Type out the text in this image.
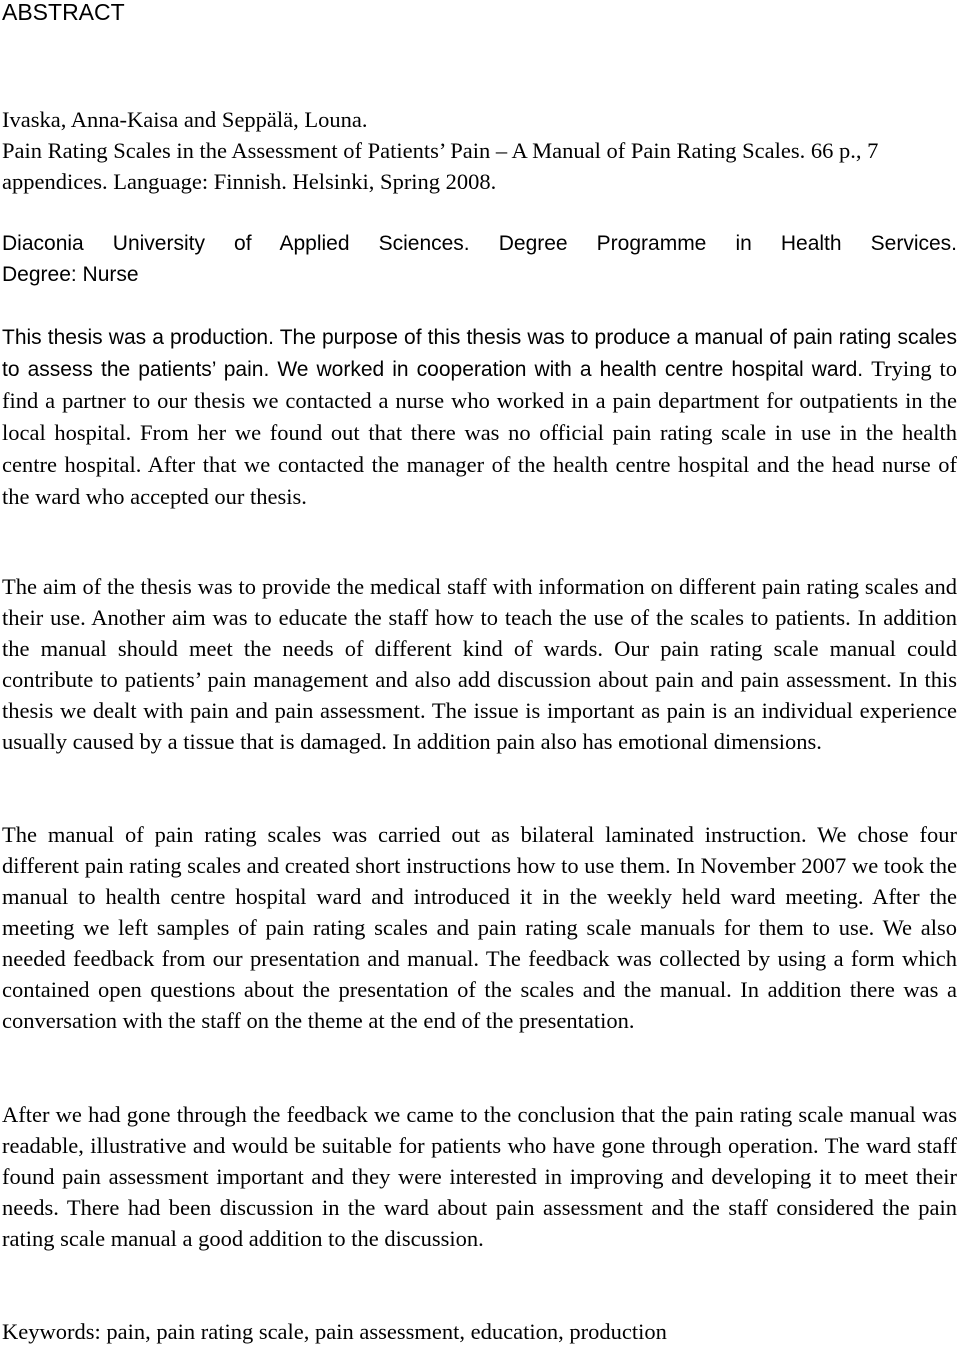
ABSTRACT

Ivaska, Anna-Kaisa and Seppälä, Louna.

Pain Rating Scales in the Assessment of Patients’ Pain – A Manual of Pain Rating Scales. 66 p., 7 appendices. Language: Finnish. Helsinki, Spring 2008.

Diaconia University of Applied Sciences. Degree Programme in Health Services.

Degree: Nurse

This thesis was a production. The purpose of this thesis was to produce a manual of pain rating scales to assess the patients’ pain. We worked in cooperation with a health centre hospital ward. Trying to find a partner to our thesis we contacted a nurse who worked in a pain department for outpatients in the local hospital. From her we found out that there was no official pain rating scale in use in the health centre hospital. After that we contacted the manager of the health centre hospital and the head nurse of the ward who accepted our thesis.

The aim of the thesis was to provide the medical staff with information on different pain rating scales and their use. Another aim was to educate the staff how to teach the use of the scales to patients. In addition the manual should meet the needs of different kind of wards. Our pain rating scale manual could contribute to patients’ pain management and also add discussion about pain and pain assessment. In this thesis we dealt with pain and pain assessment. The issue is important as pain is an individual experience usually caused by a tissue that is damaged. In addition pain also has emotional dimensions.

The manual of pain rating scales was carried out as bilateral laminated instruction. We chose four different pain rating scales and created short instructions how to use them. In November 2007 we took the manual to health centre hospital ward and introduced it in the weekly held ward meeting. After the meeting we left samples of pain rating scales and pain rating scale manuals for them to use. We also needed feedback from our presentation and manual. The feedback was collected by using a form which contained open questions about the presentation of the scales and the manual. In addition there was a conversation with the staff on the theme at the end of the presentation.

After we had gone through the feedback we came to the conclusion that the pain rating scale manual was readable, illustrative and would be suitable for patients who have gone through operation. The ward staff found pain assessment important and they were interested in improving and developing it to meet their needs. There had been discussion in the ward about pain assessment and the staff considered the pain rating scale manual a good addition to the discussion.

Keywords: pain, pain rating scale, pain assessment, education, production
